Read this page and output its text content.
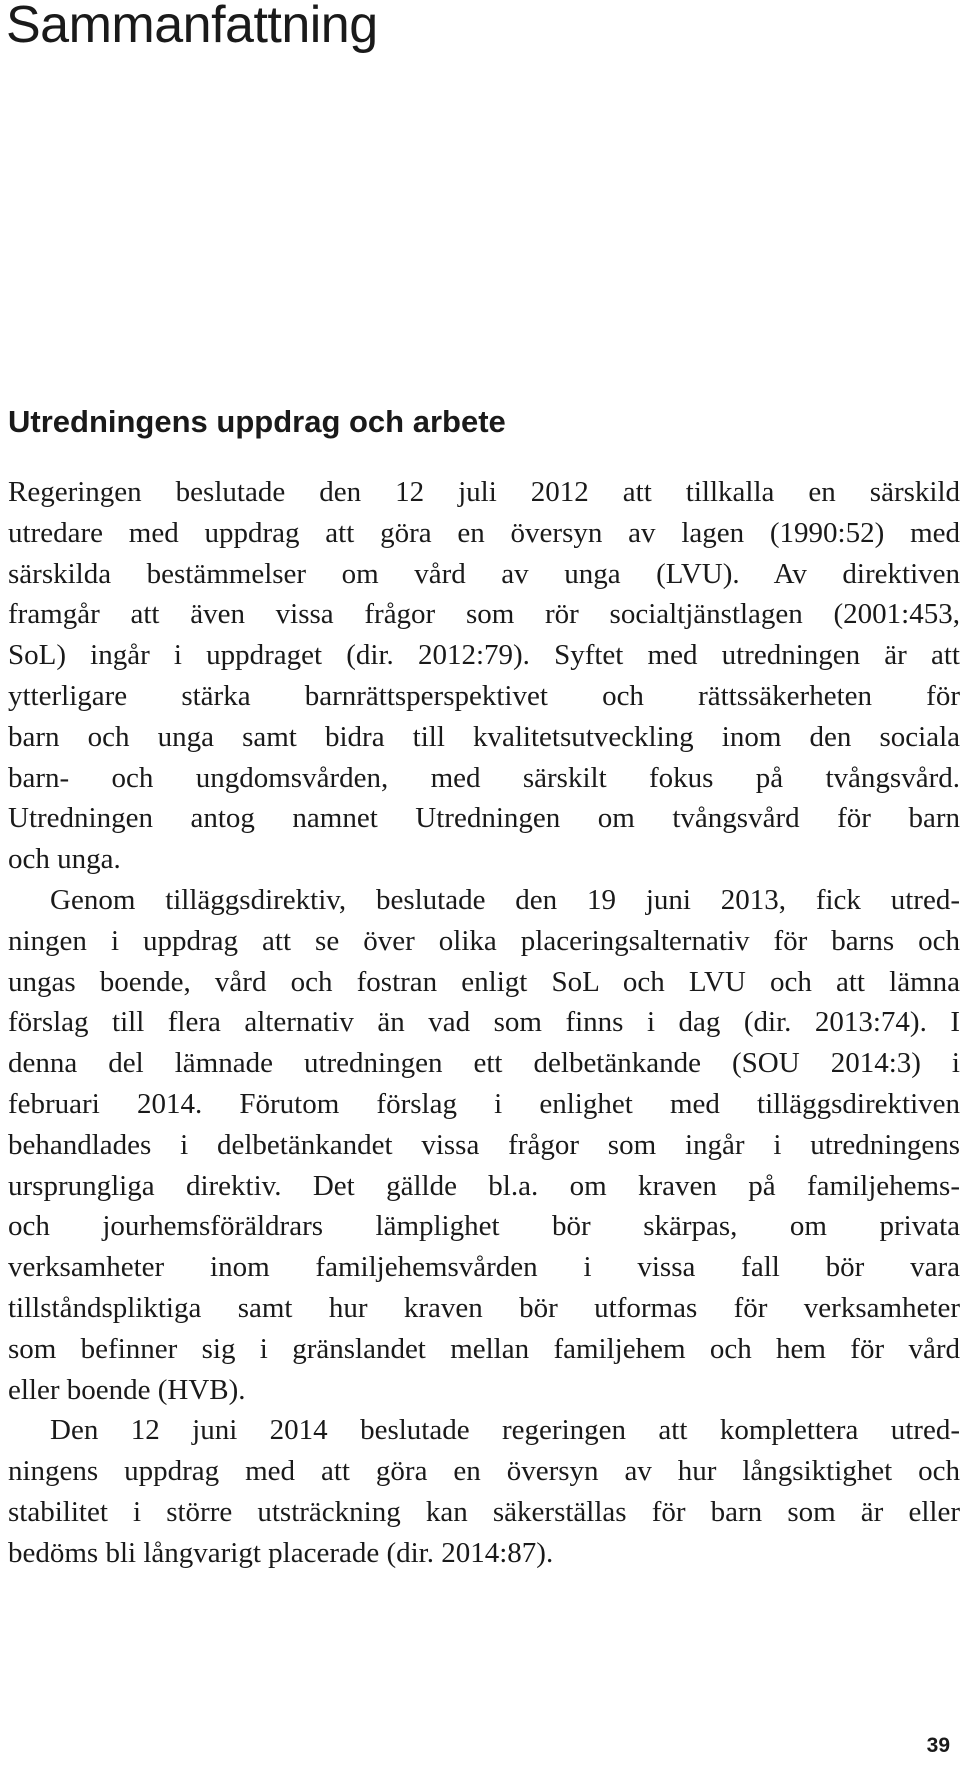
Sammanfattning
Utredningens uppdrag och arbete

Regeringen beslutade den 12 juli 2012 att tillkalla en särskild
utredare med uppdrag att göra en översyn av lagen (1990:52) med
särskilda bestämmelser om vård av unga (LVU). Av direktiven
framgår att även vissa frågor som rör socialtjänstlagen (2001:453,
SoL) ingår i uppdraget (dir. 2012:79). Syftet med utredningen är att
ytterligare stärka barnrättsperspektivet och rättssäkerheten för
barn och unga samt bidra till kvalitetsutveckling inom den sociala
barn- och ungdomsvården, med särskilt fokus på tvångsvård.
Utredningen antog namnet Utredningen om tvångsvård för barn
och unga.

Genom tilläggsdirektiv, beslutade den 19 juni 2013, fick utred-
ningen i uppdrag att se över olika placeringsalternativ för barns och
ungas boende, vård och fostran enligt SoL och LVU och att lämna
förslag till flera alternativ än vad som finns i dag (dir. 2013:74). I
denna del lämnade utredningen ett delbetänkande (SOU 2014:3) i
februari 2014. Förutom förslag i enlighet med tilläggsdirektiven
behandlades i delbetänkandet vissa frågor som ingår i utredningens
ursprungliga direktiv. Det gällde bl.a. om kraven på familjehems-
och jourhemsföräldrars lämplighet bör skärpas, om privata
verksamheter inom familjehemsvården i vissa fall bör vara
tillståndspliktiga samt hur kraven bör utformas för verksamheter
som befinner sig i gränslandet mellan familjehem och hem för vård
eller boende (HVB).

Den 12 juni 2014 beslutade regeringen att komplettera utred-
ningens uppdrag med att göra en översyn av hur långsiktighet och
stabilitet i större utsträckning kan säkerställas för barn som är eller
bedöms bli långvarigt placerade (dir. 2014:87).

39
